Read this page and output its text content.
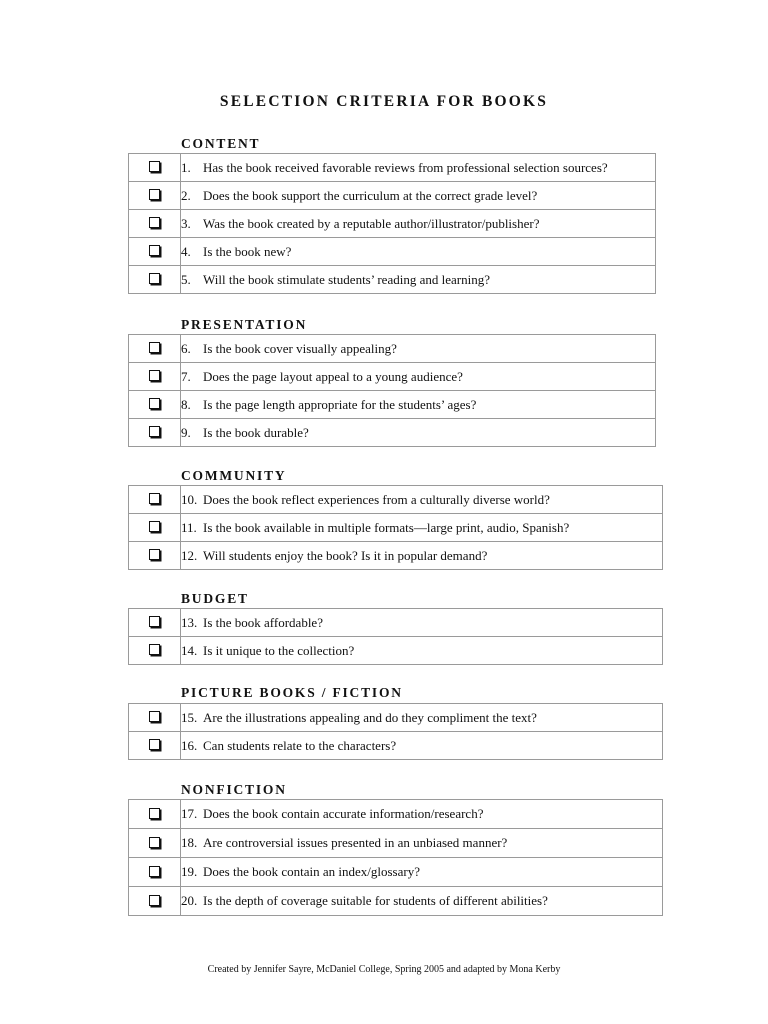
SELECTION CRITERIA FOR BOOKS
CONTENT
	1. Has the book received favorable reviews from professional selection sources?
	2. Does the book support the curriculum at the correct grade level?
	3. Was the book created by a reputable author/illustrator/publisher?
	4. Is the book new?
	5. Will the book stimulate students’ reading and learning?
PRESENTATION
	6. Is the book cover visually appealing?
	7. Does the page layout appeal to a young audience?
	8. Is the page length appropriate for the students’ ages?
	9. Is the book durable?
COMMUNITY
	10. Does the book reflect experiences from a culturally diverse world?
	11. Is the book available in multiple formats—large print, audio, Spanish?
	12. Will students enjoy the book? Is it in popular demand?
BUDGET
	13. Is the book affordable?
	14. Is it unique to the collection?
PICTURE BOOKS / FICTION
	15. Are the illustrations appealing and do they compliment the text?
	16. Can students relate to the characters?
NONFICTION
	17. Does the book contain accurate information/research?
	18. Are controversial issues presented in an unbiased manner?
	19. Does the book contain an index/glossary?
	20. Is the depth of coverage suitable for students of different abilities?
Created by Jennifer Sayre, McDaniel College, Spring 2005 and adapted by Mona Kerby
